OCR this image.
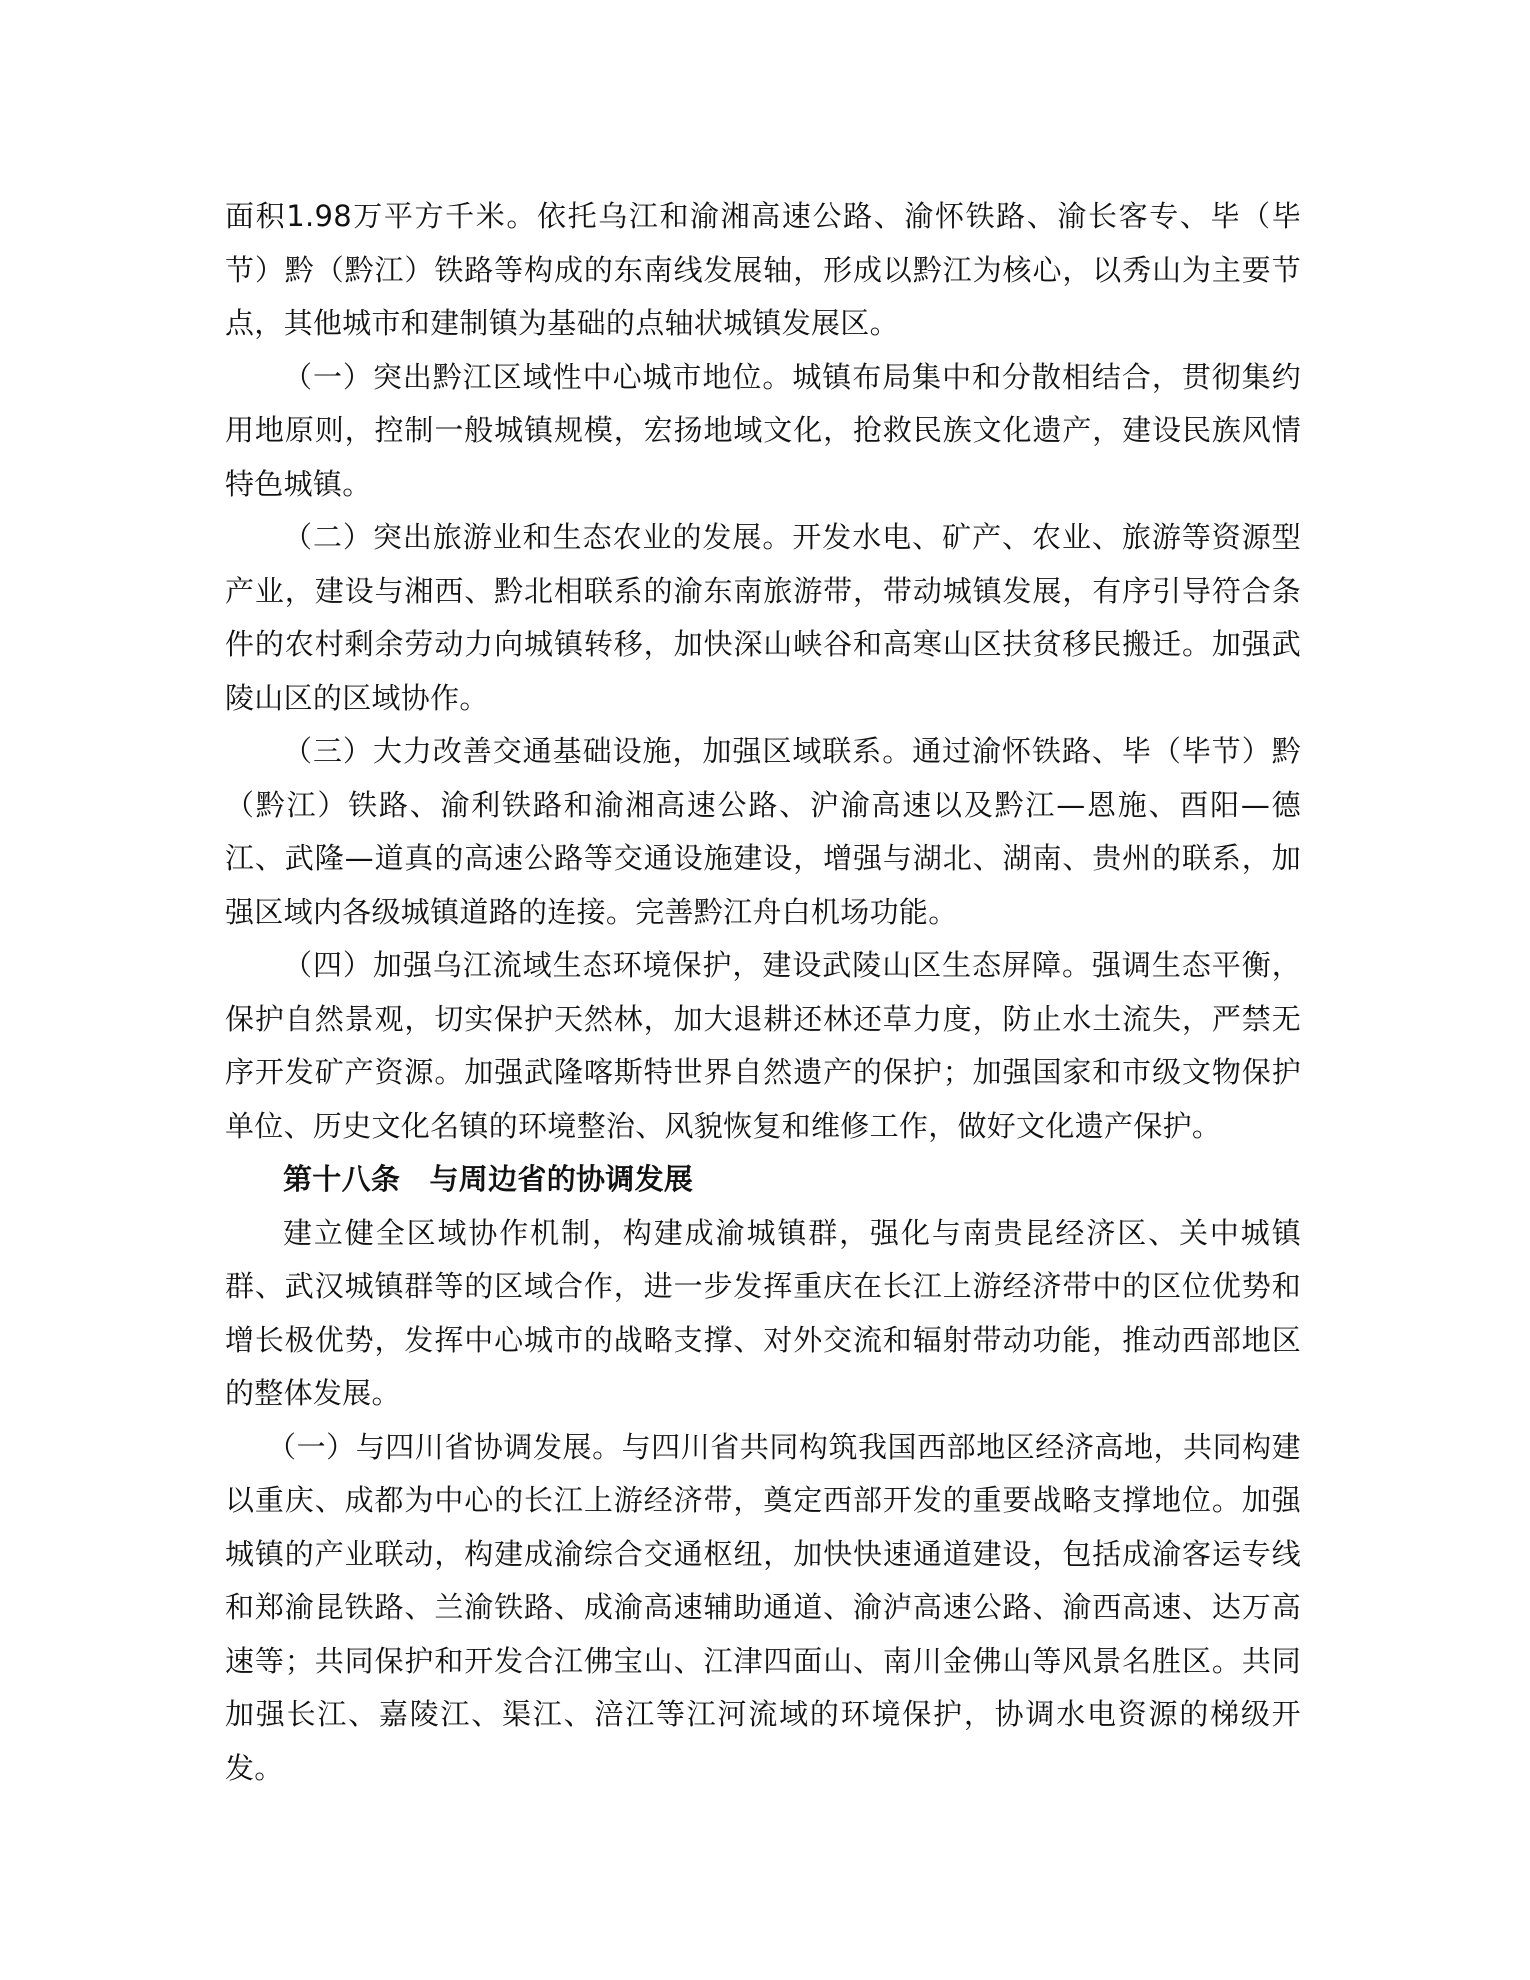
面积1.98万平方千米。依托乌江和渝湘高速公路、渝怀铁路、渝长客专、毕（毕节）黔（黔江）铁路等构成的东南线发展轴，形成以黔江为核心，以秀山为主要节点，其他城市和建制镇为基础的点轴状城镇发展区。

（一）突出黔江区域性中心城市地位。城镇布局集中和分散相结合，贯彻集约用地原则，控制一般城镇规模，宏扬地域文化，抢救民族文化遗产，建设民族风情特色城镇。

（二）突出旅游业和生态农业的发展。开发水电、矿产、农业、旅游等资源型产业，建设与湘西、黔北相联系的渝东南旅游带，带动城镇发展，有序引导符合条件的农村剩余劳动力向城镇转移，加快深山峡谷和高寒山区扶贫移民搬迁。加强武陵山区的区域协作。

（三）大力改善交通基础设施，加强区域联系。通过渝怀铁路、毕（毕节）黔（黔江）铁路、渝利铁路和渝湘高速公路、沪渝高速以及黔江—恩施、酉阳—德江、武隆—道真的高速公路等交通设施建设，增强与湖北、湖南、贵州的联系，加强区域内各级城镇道路的连接。完善黔江舟白机场功能。

（四）加强乌江流域生态环境保护，建设武陵山区生态屏障。强调生态平衡，保护自然景观，切实保护天然林，加大退耕还林还草力度，防止水土流失，严禁无序开发矿产资源。加强武隆喀斯特世界自然遗产的保护；加强国家和市级文物保护单位、历史文化名镇的环境整治、风貌恢复和维修工作，做好文化遗产保护。

第十八条　与周边省的协调发展

建立健全区域协作机制，构建成渝城镇群，强化与南贵昆经济区、关中城镇群、武汉城镇群等的区域合作，进一步发挥重庆在长江上游经济带中的区位优势和增长极优势，发挥中心城市的战略支撑、对外交流和辐射带动功能，推动西部地区的整体发展。

（一）与四川省协调发展。与四川省共同构筑我国西部地区经济高地，共同构建以重庆、成都为中心的长江上游经济带，奠定西部开发的重要战略支撑地位。加强城镇的产业联动，构建成渝综合交通枢纽，加快快速通道建设，包括成渝客运专线和郑渝昆铁路、兰渝铁路、成渝高速辅助通道、渝泸高速公路、渝西高速、达万高速等；共同保护和开发合江佛宝山、江津四面山、南川金佛山等风景名胜区。共同加强长江、嘉陵江、渠江、涪江等江河流域的环境保护，协调水电资源的梯级开发。
